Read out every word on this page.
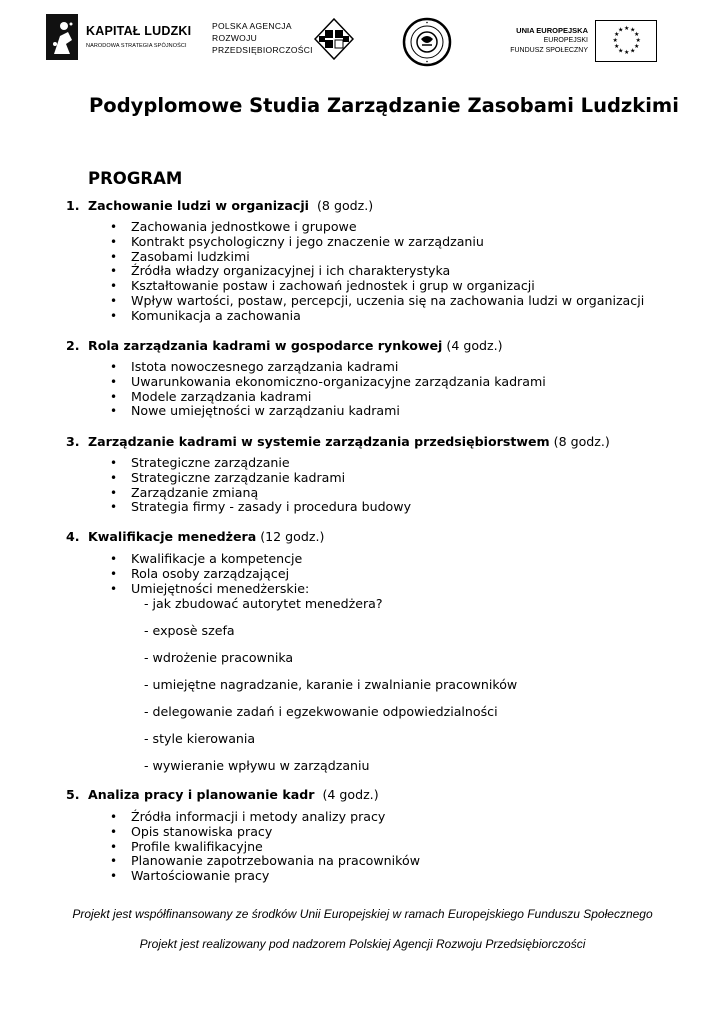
KAPITAŁ LUDZKI
NARODOWA STRATEGIA SPÓJNOŚCI
POLSKA AGENCJA
ROZWOJU
PRZEDSIĘBIORCZOŚCI
UNIA EUROPEJSKA
EUROPEJSKI
FUNDUSZ SPOŁECZNY
★ ★
★
★
★
★
★
★
★
★
★
★
Podyplomowe Studia Zarządzanie Zasobami Ludzkimi
PROGRAM
1. Zachowanie ludzi w organizacji (8 godz.)
• Zachowania jednostkowe i grupowe
• Kontrakt psychologiczny i jego znaczenie w zarządzaniu
• Zasobami ludzkimi
• Źródła władzy organizacyjnej i ich charakterystyka
• Kształtowanie postaw i zachowań jednostek i grup w organizacji
• Wpływ wartości, postaw, percepcji, uczenia się na zachowania ludzi w organizacji
• Komunikacja a zachowania
2. Rola zarządzania kadrami w gospodarce rynkowej (4 godz.)
• Istota nowoczesnego zarządzania kadrami
• Uwarunkowania ekonomiczno-organizacyjne zarządzania kadrami
• Modele zarządzania kadrami
• Nowe umiejętności w zarządzaniu kadrami
3. Zarządzanie kadrami w systemie zarządzania przedsiębiorstwem (8 godz.)
• Strategiczne zarządzanie
• Strategiczne zarządzanie kadrami
• Zarządzanie zmianą
• Strategia firmy - zasady i procedura budowy
4. Kwalifikacje menedżera (12 godz.)
• Kwalifikacje a kompetencje
• Rola osoby zarządzającej
• Umiejętności menedżerskie:
- jak zbudować autorytet menedżera?
- exposè szefa
- wdrożenie pracownika
- umiejętne nagradzanie, karanie i zwalnianie pracowników
- delegowanie zadań i egzekwowanie odpowiedzialności
- style kierowania
- wywieranie wpływu w zarządzaniu
5. Analiza pracy i planowanie kadr (4 godz.)
• Źródła informacji i metody analizy pracy
• Opis stanowiska pracy
• Profile kwalifikacyjne
• Planowanie zapotrzebowania na pracowników
• Wartościowanie pracy
Projekt jest współfinansowany ze środków Unii Europejskiej w ramach Europejskiego Funduszu Społecznego
Projekt jest realizowany pod nadzorem Polskiej Agencji Rozwoju Przedsiębiorczości
